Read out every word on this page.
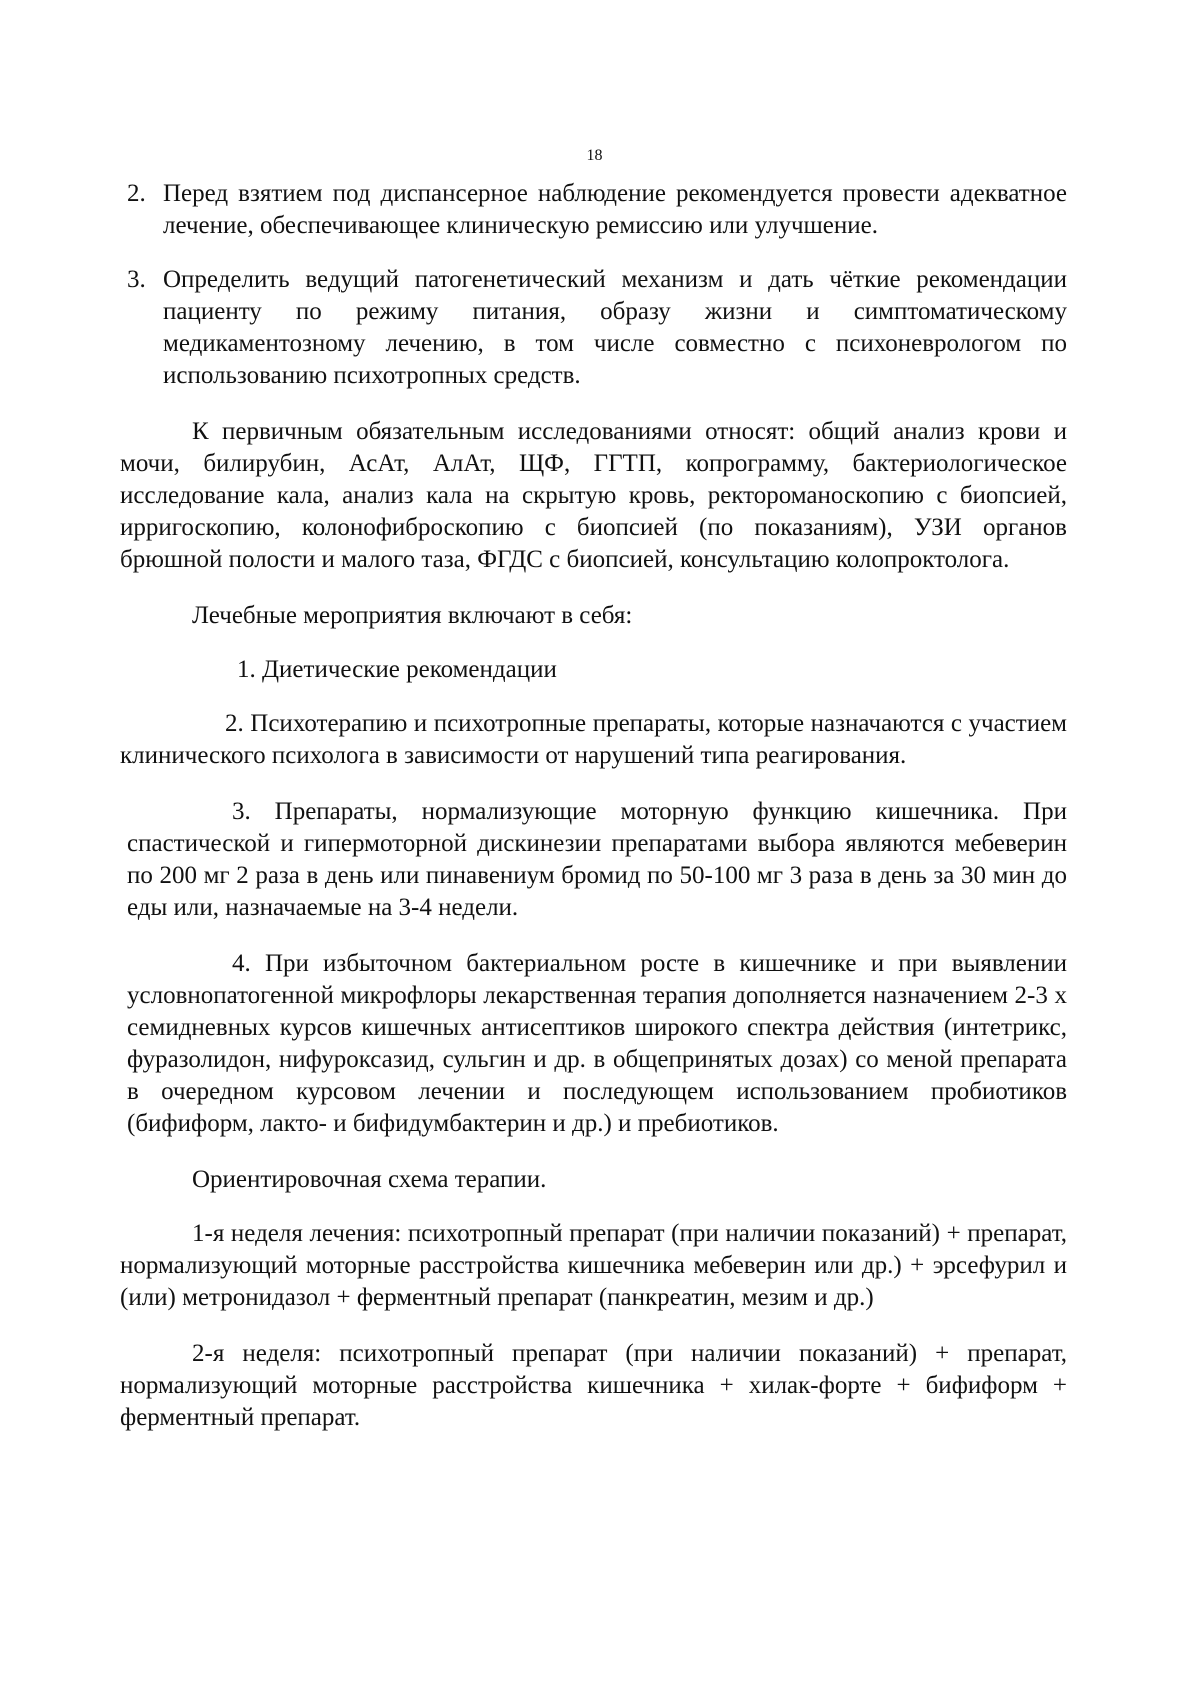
18
2. Перед взятием под диспансерное наблюдение рекомендуется провести адекватное лечение, обеспечивающее клиническую ремиссию или улучшение.
3. Определить ведущий патогенетический механизм и дать чёткие рекомендации пациенту по режиму питания, образу жизни и симптоматическому медикаментозному лечению, в том числе совместно с психоневрологом по использованию психотропных средств.

К первичным обязательным исследованиями относят: общий анализ крови и мочи, билирубин, АсАт, АлАт, ЩФ, ГГТП, копрограмму, бактериологическое исследование кала, анализ кала на скрытую кровь, ректороманоскопию с биопсией, ирригоскопию, колонофиброскопию с биопсией (по показаниям), УЗИ органов брюшной полости и малого таза, ФГДС с биопсией, консультацию колопроктолога.

Лечебные мероприятия включают в себя:

1. Диетические рекомендации

2. Психотерапию и психотропные препараты, которые назначаются с участием клинического психолога в зависимости от нарушений типа реагирования.

3. Препараты, нормализующие моторную функцию кишечника. При спастической и гипермоторной дискинезии препаратами выбора являются мебеверин по 200 мг 2 раза в день или пинавениум бромид по 50-100 мг 3 раза в день за 30 мин до еды или, назначаемые на 3-4 недели.

4. При избыточном бактериальном росте в кишечнике и при выявлении условнопатогенной микрофлоры лекарственная терапия дополняется назначением 2-3 х семидневных курсов кишечных антисептиков широкого спектра действия (интетрикс, фуразолидон, нифуроксазид, сульгин и др. в общепринятых дозах) со меной препарата в очередном курсовом лечении и последующем использованием пробиотиков (бифиформ, лакто- и бифидумбактерин и др.) и пребиотиков.

Ориентировочная схема терапии.

1-я неделя лечения: психотропный препарат (при наличии показаний) + препарат, нормализующий моторные расстройства кишечника мебеверин или др.) + эрсефурил и (или) метронидазол + ферментный препарат (панкреатин, мезим и др.)

2-я неделя: психотропный препарат (при наличии показаний) + препарат, нормализующий моторные расстройства кишечника + хилак-форте + бифиформ + ферментный препарат.
